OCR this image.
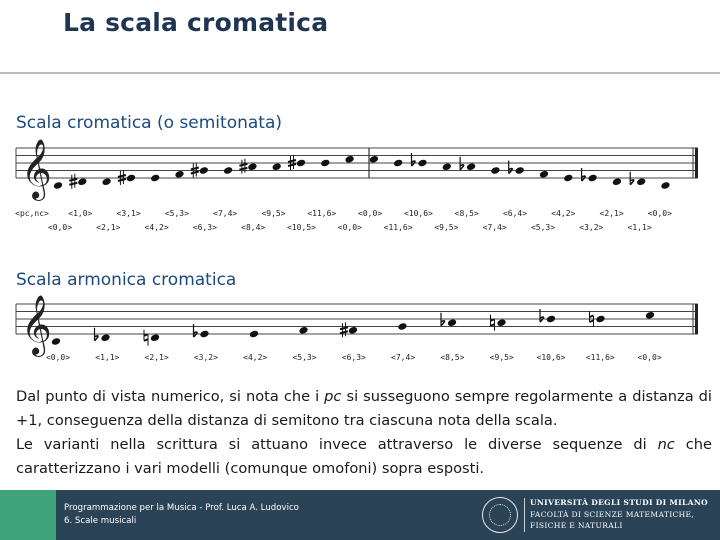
La scala cromatica
Scala cromatica (o semitonata)
𝄞
<pc,nc> <1,0>	<3,1>	<5,3>	<7,4>	<9,5>	<11,6>	<0,0>	<10,6>	<8,5>	<6,4>	<4,2>	<2,1>	<0,0>
<0,0>	<2,1>	<4,2>	<6,3>	<8,4>	<10,5>	<0,0>	<11,6>	<9,5>	<7,4>	<5,3>	<3,2>	<1,1>
Scala armonica cromatica
𝄞
<0,0>	<1,1>	<2,1>	<3,2>	<4,2>	<5,3>	<6,3>	<7,4>	<8,5>	<9,5>	<10,6>	<11,6>	<0,0>

Dal punto di vista numerico, si nota che i pc si susseguono sempre regolarmente a distanza di +1, conseguenza della distanza di semitono tra ciascuna nota della scala.

Le varianti nella scrittura si attuano invece attraverso le diverse sequenze di nc che caratterizzano i vari modelli (comunque omofoni) sopra esposti.

Programmazione per la Musica - Prof. Luca A. Ludovico
6. Scale musicali
UNIVERSITÀ DEGLI STUDI DI MILANO
FACOLTÀ DI SCIENZE MATEMATICHE,
FISICHE E NATURALI
